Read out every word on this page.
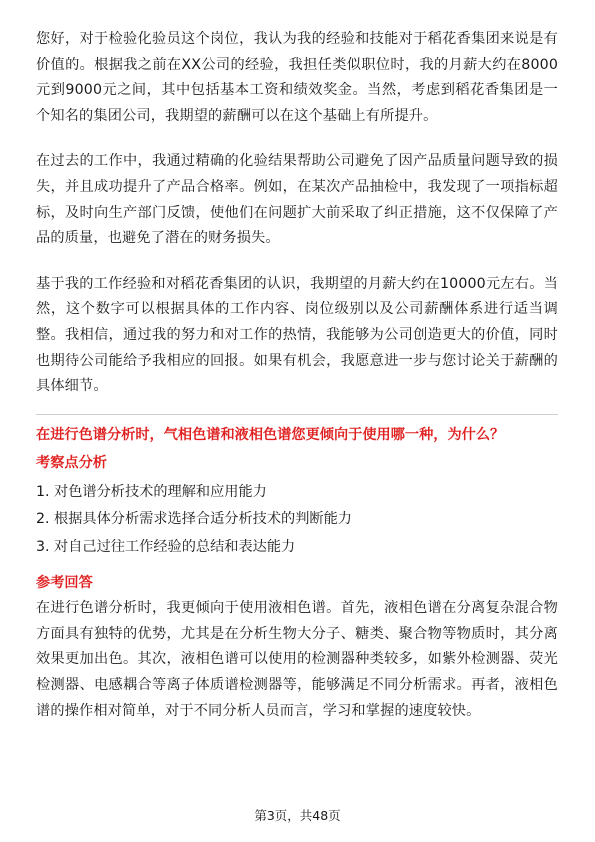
您好，对于检验化验员这个岗位，我认为我的经验和技能对于稻花香集团来说是有价值的。根据我之前在XX公司的经验，我担任类似职位时，我的月薪大约在8000元到9000元之间，其中包括基本工资和绩效奖金。当然，考虑到稻花香集团是一个知名的集团公司，我期望的薪酬可以在这个基础上有所提升。

在过去的工作中，我通过精确的化验结果帮助公司避免了因产品质量问题导致的损失，并且成功提升了产品合格率。例如，在某次产品抽检中，我发现了一项指标超标，及时向生产部门反馈，使他们在问题扩大前采取了纠正措施，这不仅保障了产品的质量，也避免了潜在的财务损失。

基于我的工作经验和对稻花香集团的认识，我期望的月薪大约在10000元左右。当然，这个数字可以根据具体的工作内容、岗位级别以及公司薪酬体系进行适当调整。我相信，通过我的努力和对工作的热情，我能够为公司创造更大的价值，同时也期待公司能给予我相应的回报。如果有机会，我愿意进一步与您讨论关于薪酬的具体细节。

在进行色谱分析时，气相色谱和液相色谱您更倾向于使用哪一种，为什么？

考察点分析

1. 对色谱分析技术的理解和应用能力
2. 根据具体分析需求选择合适分析技术的判断能力
3. 对自己过往工作经验的总结和表达能力

参考回答

在进行色谱分析时，我更倾向于使用液相色谱。首先，液相色谱在分离复杂混合物方面具有独特的优势，尤其是在分析生物大分子、糖类、聚合物等物质时，其分离效果更加出色。其次，液相色谱可以使用的检测器种类较多，如紫外检测器、荧光检测器、电感耦合等离子体质谱检测器等，能够满足不同分析需求。再者，液相色谱的操作相对简单，对于不同分析人员而言，学习和掌握的速度较快。

第3页，共48页
